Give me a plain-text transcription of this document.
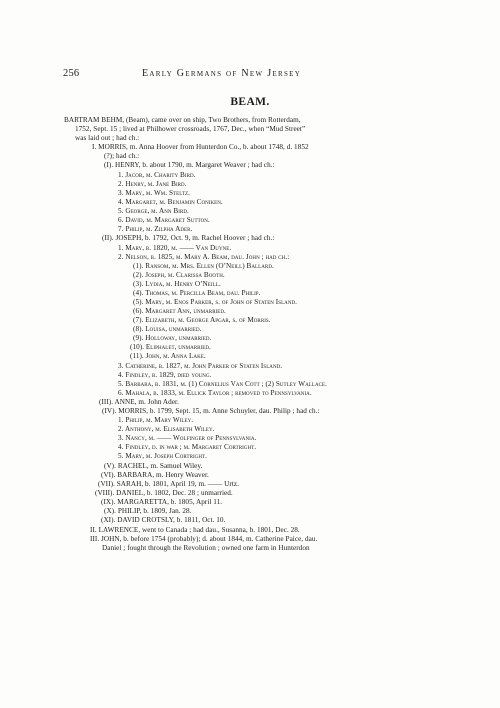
256	Early Germans of New Jersey
BEAM.
BARTRAM BEHM, (Beam), came over on ship, Two Brothers, from Rotterdam,
1752, Sept. 15 ; lived at Philhower crossroads, 1767, Dec., when “Mud Street”
was laid out ; had ch.:
I. MORRIS, m. Anna Hoover from Hunterdon Co., b. about 1748, d. 1852
(?); had ch.:
(I). HENRY, b. about 1790, m. Margaret Weaver ; had ch.:
1. Jacob, m. Charity Bird.
2. Henry, m. Jane Bird.
3. Mary, m. Wm. Steltz.
4. Margaret, m. Benjamin Coniken.
5. George, m. Ann Bird.
6. David, m. Margaret Sutton.
7. Philip, m. Zilpha Ader.
(II). JOSEPH, b. 1792, Oct. 9, m. Rachel Hoover ; had ch.:
1. Mary, b. 1820, m. —— Van Duyne.
2. Nelson, b. 1825, m. Mary A. Beam, dau. John ; had ch.:
(1). Ransom, m. Mrs. Ellen (O’Neill) Ballard.
(2). Joseph, m. Clarissa Booth.
(3). Lydia, m. Henry O’Neill.
(4). Thomas, m. Percilla Beam, dau. Philip.
(5). Mary, m. Enos Parker, s. of John of Staten Island.
(6). Margaret Ann, unmarried.
(7). Elizabeth, m. George Apgar, s. of Morris.
(8). Louisa, unmarried.
(9). Holloway, unmarried.
(10). Eliphalet, unmarried.
(11). John, m. Anna Lake.
3. Catherine, b. 1827, m. John Parker of Staten Island.
4. Findley, b. 1829, died young.
5. Barbara, b. 1831, m. (1) Cornelius Van Cott ; (2) Sutley Wallace.
6. Mahala, b. 1833, m. Ellick Taylor ; removed to Pennsylvania.
(III). ANNE, m. John Ader.
(IV). MORRIS, b. 1799, Sept. 15, m. Anne Schuyler, dau. Philip ; had ch.:
1. Philip, m. Mary Wiley.
2. Anthony, m. Elisabeth Wiley.
3. Nancy, m. —— Wolfinger of Pennsylvania.
4. Findley, d. in war ; m. Margaret Cortright.
5. Mary, m. Joseph Cortright.
(V). RACHEL, m. Samuel Wiley.
(VI). BARBARA, m. Henry Weaver.
(VII). SARAH, b. 1801, April 19, m. —— Urtz.
(VIII). DANIEL, b. 1802, Dec. 28 ; unmarried.
(IX). MARGARETTA, b. 1805, April 11.
(X). PHILIP, b. 1809, Jan. 28.
(XI). DAVID CROTSLY, b. 1811, Oct. 10.
II. LAWRENCE, went to Canada ; had dau., Susanna, b. 1801, Dec. 28.
III. JOHN, b. before 1754 (probably); d. about 1844, m. Catherine Paice, dau.
Daniel ; fought through the Revolution ; owned one farm in Hunterdon
